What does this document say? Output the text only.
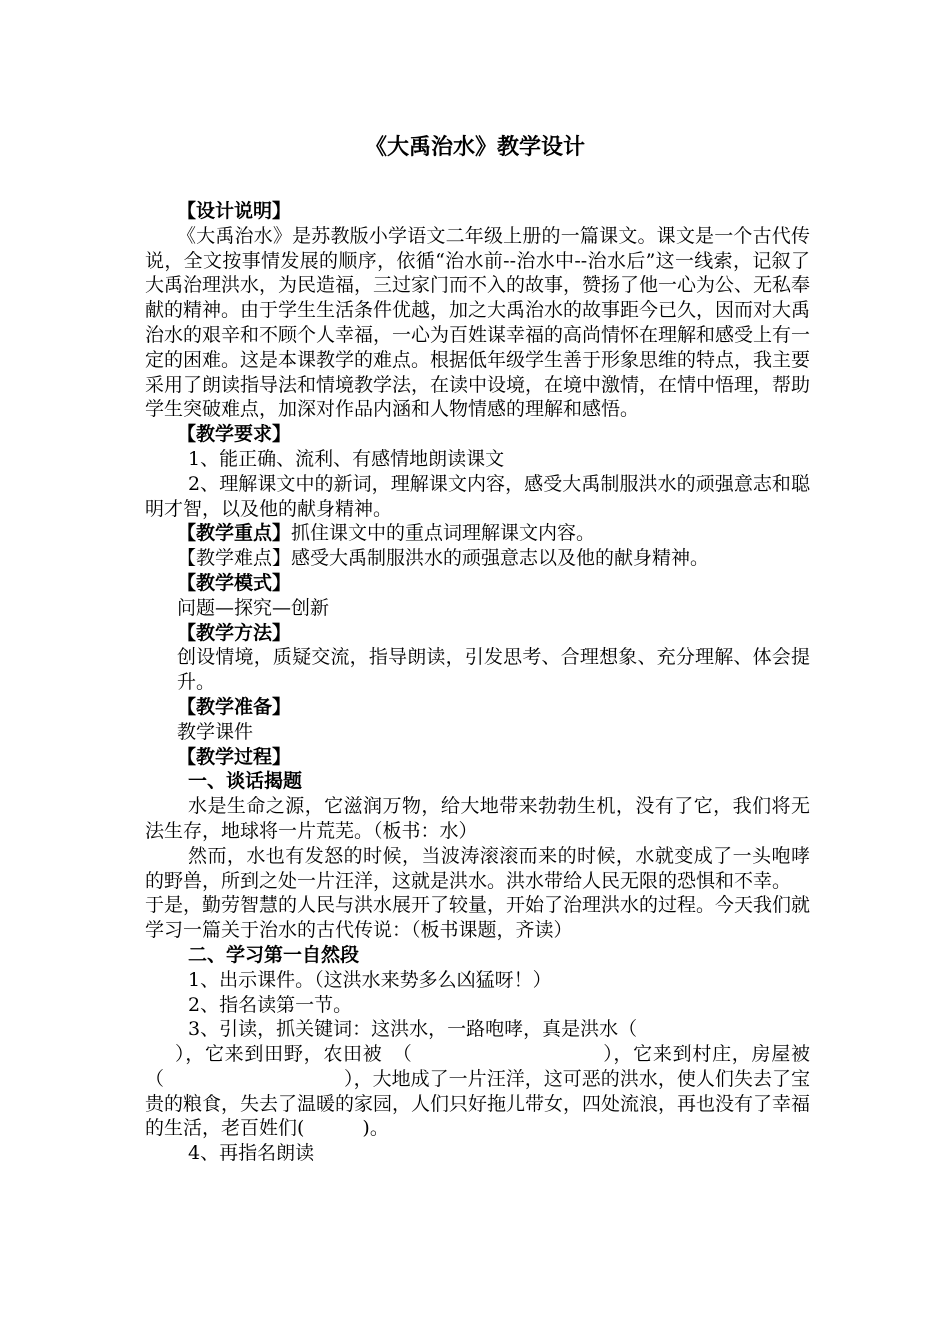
《大禹治水》教学设计

【设计说明】

《大禹治水》是苏教版小学语文二年级上册的一篇课文。课文是一个古代传说，全文按事情发展的顺序，依循“治水前--治水中--治水后”这一线索，记叙了大禹治理洪水，为民造福，三过家门而不入的故事，赞扬了他一心为公、无私奉献的精神。由于学生生活条件优越，加之大禹治水的故事距今已久，因而对大禹治水的艰辛和不顾个人幸福，一心为百姓谋幸福的高尚情怀在理解和感受上有一定的困难。这是本课教学的难点。根据低年级学生善于形象思维的特点，我主要采用了朗读指导法和情境教学法，在读中设境，在境中激情，在情中悟理，帮助学生突破难点，加深对作品内涵和人物情感的理解和感悟。

【教学要求】

1、能正确、流利、有感情地朗读课文

2、理解课文中的新词，理解课文内容，感受大禹制服洪水的顽强意志和聪明才智，以及他的献身精神。

【教学重点】抓住课文中的重点词理解课文内容。

【教学难点】感受大禹制服洪水的顽强意志以及他的献身精神。

【教学模式】

问题—探究—创新

【教学方法】

创设情境，质疑交流，指导朗读，引发思考、合理想象、充分理解、体会提升。

【教学准备】

教学课件

【教学过程】

一、谈话揭题

水是生命之源，它滋润万物，给大地带来勃勃生机，没有了它，我们将无法生存，地球将一片荒芜。（板书：水）

然而，水也有发怒的时候，当波涛滚滚而来的时候，水就变成了一头咆哮的野兽，所到之处一片汪洋，这就是洪水。洪水带给人民无限的恐惧和不幸。

于是，勤劳智慧的人民与洪水展开了较量，开始了治理洪水的过程。今天我们就学习一篇关于治水的古代传说：（板书课题，齐读）

二、学习第一自然段

1、出示课件。（这洪水来势多么凶猛呀！）

2、指名读第一节。

3、引读，抓关键词：这洪水，一路咆哮，真是洪水（
），它来到田野，农田被　（	），它来到村庄，房屋被　（	），大地成了一片汪洋，这可恶的洪水，使人们失去了宝贵的粮食，失去了温暖的家园，人们只好拖儿带女，四处流浪，再也没有了幸福的生活，老百姓们(	)。

4、再指名朗读
